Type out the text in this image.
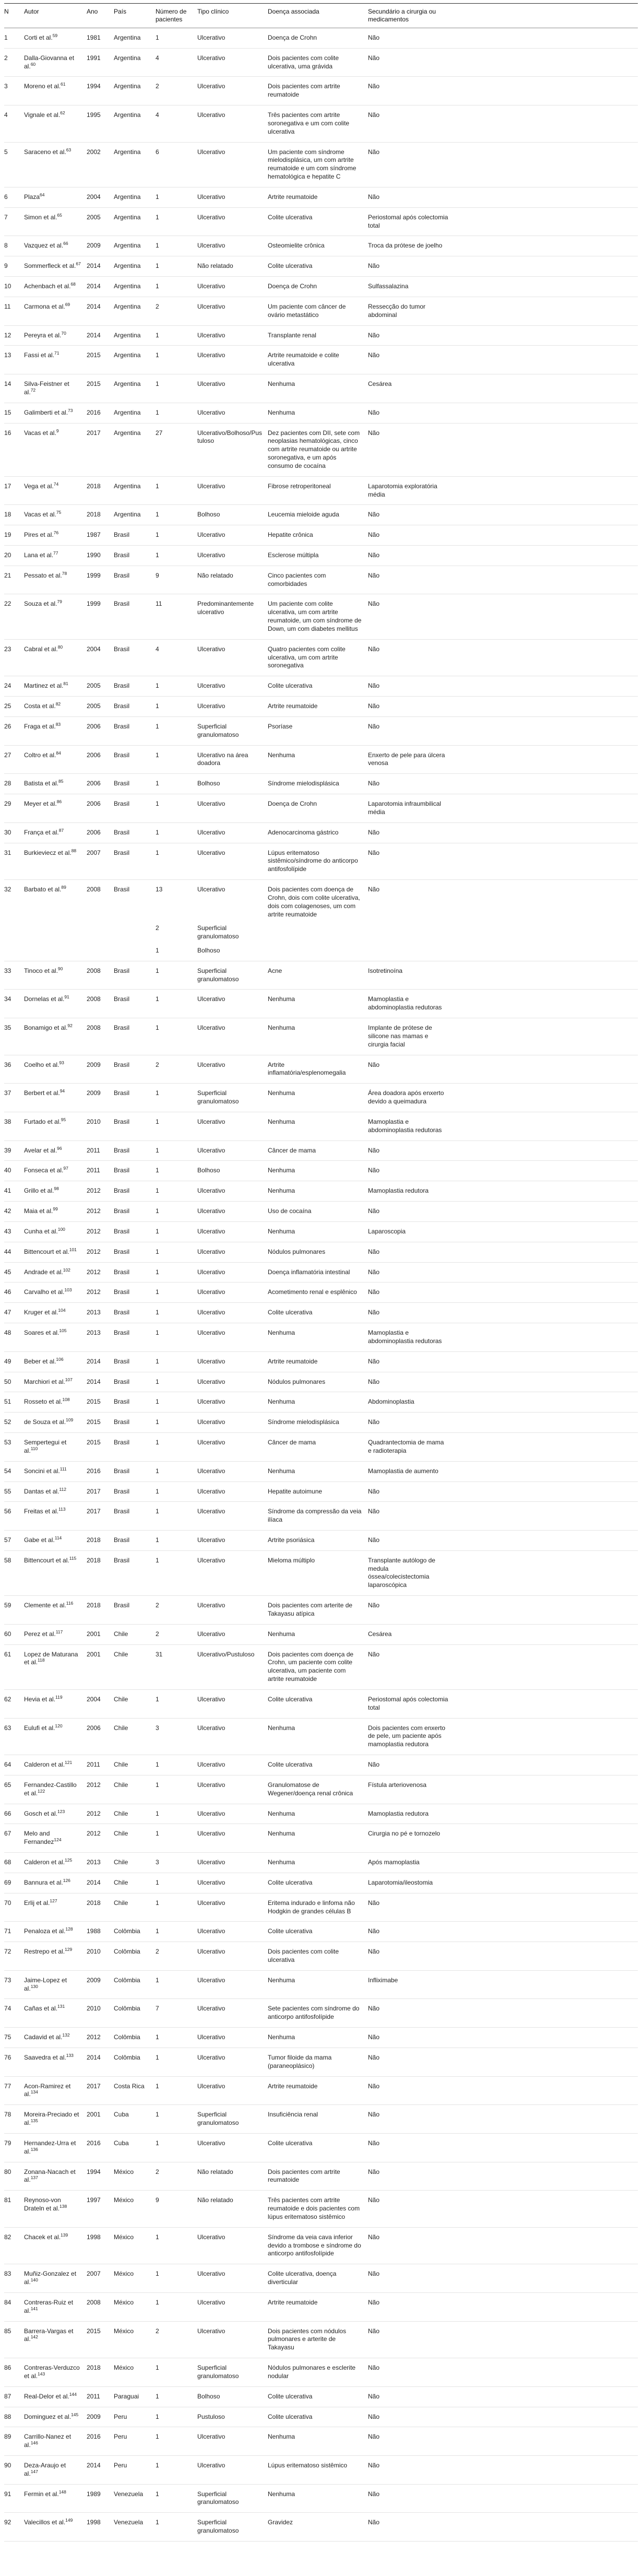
N	Autor	Ano	País	Número de pacientes	Tipo clínico	Doença associada	Secundário a cirurgia ou medicamentos	
1	Corti et al.$^{59}$	1981	Argentina	1	Ulcerativo	Doença de Crohn	Não	
2	Dalla-Giovanna et al.$^{60}$	1991	Argentina	4	Ulcerativo	Dois pacientes com colite ulcerativa, uma grávida	Não	
3	Moreno et al.$^{61}$	1994	Argentina	2	Ulcerativo	Dois pacientes com artrite reumatoide	Não	
4	Vignale et al.$^{62}$	1995	Argentina	4	Ulcerativo	Três pacientes com artrite soronegativa e um com colite ulcerativa	Não	
5	Saraceno et al.$^{63}$	2002	Argentina	6	Ulcerativo	Um paciente com síndrome mielodisplásica, um com artrite reumatoide e um com síndrome hematológica e hepatite C	Não	
6	Plaza$^{64}$	2004	Argentina	1	Ulcerativo	Artrite reumatoide	Não	
7	Simon et al.$^{65}$	2005	Argentina	1	Ulcerativo	Colite ulcerativa	Periostomal após colectomia total	
8	Vazquez et al.$^{66}$	2009	Argentina	1	Ulcerativo	Osteomielite crônica	Troca da prótese de joelho	
9	Sommerfleck et al.$^{67}$	2014	Argentina	1	Não relatado	Colite ulcerativa	Não	
10	Achenbach et al.$^{68}$	2014	Argentina	1	Ulcerativo	Doença de Crohn	Sulfassalazina	
11	Carmona et al.$^{69}$	2014	Argentina	2	Ulcerativo	Um paciente com câncer de ovário metastático	Ressecção do tumor abdominal	
12	Pereyra et al.$^{70}$	2014	Argentina	1	Ulcerativo	Transplante renal	Não	
13	Fassi et al.$^{71}$	2015	Argentina	1	Ulcerativo	Artrite reumatoide e colite ulcerativa	Não	
14	Silva-Feistner et al.$^{72}$	2015	Argentina	1	Ulcerativo	Nenhuma	Cesárea	
15	Galimberti et al.$^{73}$	2016	Argentina	1	Ulcerativo	Nenhuma	Não	
16	Vacas et al.$^9$	2017	Argentina	27	Ulcerativo/Bolhoso/Pustuloso	Dez pacientes com DII, sete com neoplasias hematológicas, cinco com artrite reumatoide ou artrite soronegativa, e um após consumo de cocaína	Não	
17	Vega et al.$^{74}$	2018	Argentina	1	Ulcerativo	Fibrose retroperitoneal	Laparotomia exploratória média	
18	Vacas et al.$^{75}$	2018	Argentina	1	Bolhoso	Leucemia mieloide aguda	Não	
19	Pires et al.$^{76}$	1987	Brasil	1	Ulcerativo	Hepatite crônica	Não	
20	Lana et al.$^{77}$	1990	Brasil	1	Ulcerativo	Esclerose múltipla	Não	
21	Pessato et al.$^{78}$	1999	Brasil	9	Não relatado	Cinco pacientes com comorbidades	Não	
22	Souza et al.$^{79}$	1999	Brasil	11	Predominantemente ulcerativo	Um paciente com colite ulcerativa, um com artrite reumatoide, um com síndrome de Down, um com diabetes mellitus	Não	
23	Cabral et al.$^{80}$	2004	Brasil	4	Ulcerativo	Quatro pacientes com colite ulcerativa, um com artrite soronegativa	Não	
24	Martinez et al.$^{81}$	2005	Brasil	1	Ulcerativo	Colite ulcerativa	Não	
25	Costa et al.$^{82}$	2005	Brasil	1	Ulcerativo	Artrite reumatoide	Não	
26	Fraga et al.$^{83}$	2006	Brasil	1	Superficial granulomatoso	Psoríase	Não	
27	Coltro et al.$^{84}$	2006	Brasil	1	Ulcerativo na área doadora	Nenhuma	Enxerto de pele para úlcera venosa	
28	Batista et al.$^{85}$	2006	Brasil	1	Bolhoso	Síndrome mielodisplásica	Não	
29	Meyer et al.$^{86}$	2006	Brasil	1	Ulcerativo	Doença de Crohn	Laparotomia infraumbilical média	
30	França et al.$^{87}$	2006	Brasil	1	Ulcerativo	Adenocarcinoma gástrico	Não	
31	Burkieviecz et al.$^{88}$	2007	Brasil	1	Ulcerativo	Lúpus eritematoso sistêmico/síndrome do anticorpo antifosfolípide	Não	
32	Barbato et al.$^{89}$	2008	Brasil	13	Ulcerativo	Dois pacientes com doença de Crohn, dois com colite ulcerativa, dois com colagenoses, um com artrite reumatoide	Não	
				2	Superficial granulomatoso			
				1	Bolhoso			
33	Tinoco et al.$^{90}$	2008	Brasil	1	Superficial granulomatoso	Acne	Isotretinoína	
34	Dornelas et al.$^{91}$	2008	Brasil	1	Ulcerativo	Nenhuma	Mamoplastia e abdominoplastia redutoras	
35	Bonamigo et al.$^{92}$	2008	Brasil	1	Ulcerativo	Nenhuma	Implante de prótese de silicone nas mamas e cirurgia facial	
36	Coelho et al.$^{93}$	2009	Brasil	2	Ulcerativo	Artrite inflamatória/esplenomegalia	Não	
37	Berbert et al.$^{94}$	2009	Brasil	1	Superficial granulomatoso	Nenhuma	Área doadora após enxerto devido a queimadura	
38	Furtado et al.$^{95}$	2010	Brasil	1	Ulcerativo	Nenhuma	Mamoplastia e abdominoplastia redutoras	
39	Avelar et al.$^{96}$	2011	Brasil	1	Ulcerativo	Câncer de mama	Não	
40	Fonseca et al.$^{97}$	2011	Brasil	1	Bolhoso	Nenhuma	Não	
41	Grillo et al.$^{98}$	2012	Brasil	1	Ulcerativo	Nenhuma	Mamoplastia redutora	
42	Maia et al.$^{99}$	2012	Brasil	1	Ulcerativo	Uso de cocaína	Não	
43	Cunha et al.$^{100}$	2012	Brasil	1	Ulcerativo	Nenhuma	Laparoscopia	
44	Bittencourt et al.$^{101}$	2012	Brasil	1	Ulcerativo	Nódulos pulmonares	Não	
45	Andrade et al.$^{102}$	2012	Brasil	1	Ulcerativo	Doença inflamatória intestinal	Não	
46	Carvalho et al.$^{103}$	2012	Brasil	1	Ulcerativo	Acometimento renal e esplênico	Não	
47	Kruger et al.$^{104}$	2013	Brasil	1	Ulcerativo	Colite ulcerativa	Não	
48	Soares et al.$^{105}$	2013	Brasil	1	Ulcerativo	Nenhuma	Mamoplastia e abdominoplastia redutoras	
49	Beber et al.$^{106}$	2014	Brasil	1	Ulcerativo	Artrite reumatoide	Não	
50	Marchiori et al.$^{107}$	2014	Brasil	1	Ulcerativo	Nódulos pulmonares	Não	
51	Rosseto et al.$^{108}$	2015	Brasil	1	Ulcerativo	Nenhuma	Abdominoplastia	
52	de Souza et al.$^{109}$	2015	Brasil	1	Ulcerativo	Síndrome mielodisplásica	Não	
53	Sempertegui et al.$^{110}$	2015	Brasil	1	Ulcerativo	Câncer de mama	Quadrantectomia de mama e radioterapia	
54	Soncini et al.$^{111}$	2016	Brasil	1	Ulcerativo	Nenhuma	Mamoplastia de aumento	
55	Dantas et al.$^{112}$	2017	Brasil	1	Ulcerativo	Hepatite autoimune	Não	
56	Freitas et al.$^{113}$	2017	Brasil	1	Ulcerativo	Síndrome da compressão da veia ilíaca	Não	
57	Gabe et al.$^{114}$	2018	Brasil	1	Ulcerativo	Artrite psoriásica	Não	
58	Bittencourt et al.$^{115}$	2018	Brasil	1	Ulcerativo	Mieloma múltiplo	Transplante autólogo de medula óssea/colecistectomia laparoscópica	
59	Clemente et al.$^{116}$	2018	Brasil	2	Ulcerativo	Dois pacientes com arterite de Takayasu atípica	Não	
60	Perez et al.$^{117}$	2001	Chile	2	Ulcerativo	Nenhuma	Cesárea	
61	Lopez de Maturana et al.$^{118}$	2001	Chile	31	Ulcerativo/Pustuloso	Dois pacientes com doença de Crohn, um paciente com colite ulcerativa, um paciente com artrite reumatoide	Não	
62	Hevia et al.$^{119}$	2004	Chile	1	Ulcerativo	Colite ulcerativa	Periostomal após colectomia total	
63	Eulufi et al.$^{120}$	2006	Chile	3	Ulcerativo	Nenhuma	Dois pacientes com enxerto de pele, um paciente após mamoplastia redutora	
64	Calderon et al.$^{121}$	2011	Chile	1	Ulcerativo	Colite ulcerativa	Não	
65	Fernandez-Castillo et al.$^{122}$	2012	Chile	1	Ulcerativo	Granulomatose de Wegener/doença renal crônica	Fístula arteriovenosa	
66	Gosch et al.$^{123}$	2012	Chile	1	Ulcerativo	Nenhuma	Mamoplastia redutora	
67	Melo and Fernandez$^{124}$	2012	Chile	1	Ulcerativo	Nenhuma	Cirurgia no pé e tornozelo	
68	Calderon et al.$^{125}$	2013	Chile	3	Ulcerativo	Nenhuma	Após mamoplastia	
69	Bannura et al.$^{126}$	2014	Chile	1	Ulcerativo	Colite ulcerativa	Laparotomia/ileostomia	
70	Erlij et al.$^{127}$	2018	Chile	1	Ulcerativo	Eritema indurado e linfoma não Hodgkin de grandes células B	Não	
71	Penaloza et al.$^{128}$	1988	Colômbia	1	Ulcerativo	Colite ulcerativa	Não	
72	Restrepo et al.$^{129}$	2010	Colômbia	2	Ulcerativo	Dois pacientes com colite ulcerativa	Não	
73	Jaime-Lopez et al.$^{130}$	2009	Colômbia	1	Ulcerativo	Nenhuma	Infliximabe	
74	Cañas et al.$^{131}$	2010	Colômbia	7	Ulcerativo	Sete pacientes com síndrome do anticorpo antifosfolípide	Não	
75	Cadavid et al.$^{132}$	2012	Colômbia	1	Ulcerativo	Nenhuma	Não	
76	Saavedra et al.$^{133}$	2014	Colômbia	1	Ulcerativo	Tumor filoide da mama (paraneoplásico)	Não	
77	Acon-Ramirez et al.$^{134}$	2017	Costa Rica	1	Ulcerativo	Artrite reumatoide	Não	
78	Moreira-Preciado et al.$^{135}$	2001	Cuba	1	Superficial granulomatoso	Insuficiência renal	Não	
79	Hernandez-Urra et al.$^{136}$	2016	Cuba	1	Ulcerativo	Colite ulcerativa	Não	
80	Zonana-Nacach et al.$^{137}$	1994	México	2	Não relatado	Dois pacientes com artrite reumatoide	Não	
81	Reynoso-von Drateln et al.$^{138}$	1997	México	9	Não relatado	Três pacientes com artrite reumatoide e dois pacientes com lúpus eritematoso sistêmico	Não	
82	Chacek et al.$^{139}$	1998	México	1	Ulcerativo	Síndrome da veia cava inferior devido a trombose e síndrome do anticorpo antifosfolípide	Não	
83	Muñiz-Gonzalez et al.$^{140}$	2007	México	1	Ulcerativo	Colite ulcerativa, doença diverticular	Não	
84	Contreras-Ruiz et al.$^{141}$	2008	México	1	Ulcerativo	Artrite reumatoide	Não	
85	Barrera-Vargas et al.$^{142}$	2015	México	2	Ulcerativo	Dois pacientes com nódulos pulmonares e arterite de Takayasu	Não	
86	Contreras-Verduzco et al.$^{143}$	2018	México	1	Superficial granulomatoso	Nódulos pulmonares e esclerite nodular	Não	
87	Real-Delor et al.$^{144}$	2011	Paraguai	1	Bolhoso	Colite ulcerativa	Não	
88	Dominguez et al.$^{145}$	2009	Peru	1	Pustuloso	Colite ulcerativa	Não	
89	Carrillo-Nanez et al.$^{146}$	2016	Peru	1	Ulcerativo	Nenhuma	Não	
90	Deza-Araujo et al.$^{147}$	2014	Peru	1	Ulcerativo	Lúpus eritematoso sistêmico	Não	
91	Fermin et al.$^{148}$	1989	Venezuela	1	Superficial granulomatoso	Nenhuma	Não	
92	Valecillos et al.$^{149}$	1998	Venezuela	1	Superficial granulomatoso	Gravidez	Não	
